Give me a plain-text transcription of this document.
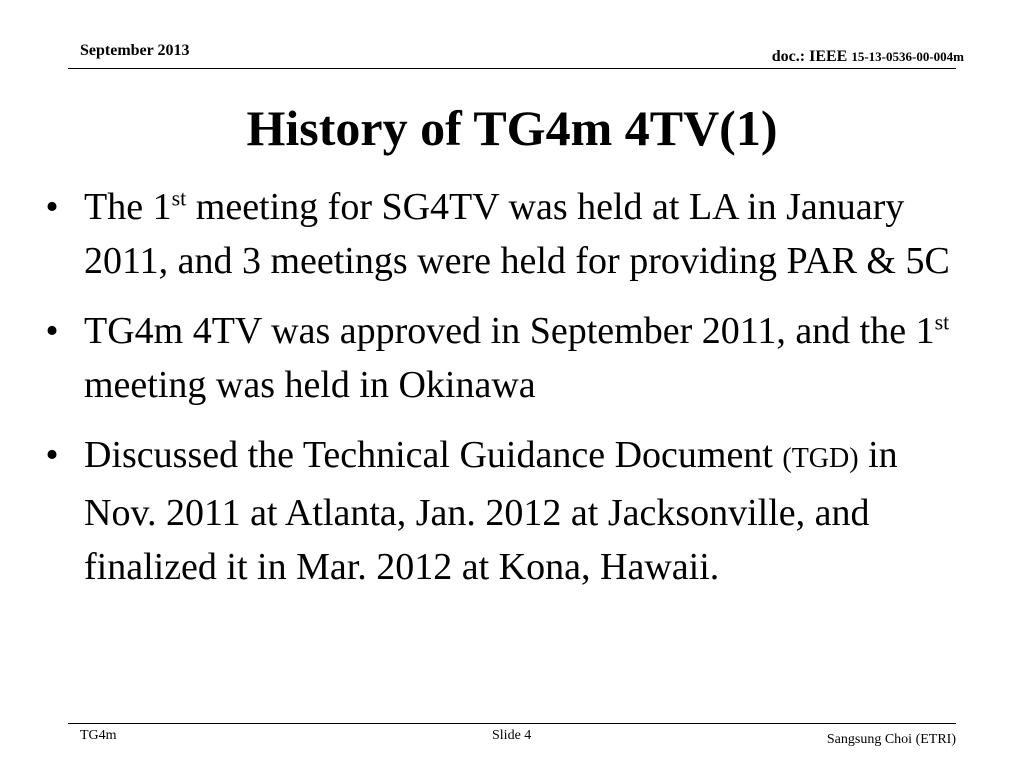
September 2013	doc.: IEEE 15-13-0536-00-004m
History of TG4m 4TV(1)
• The 1st meeting for SG4TV was held at LA in January 2011, and 3 meetings were held for providing PAR & 5C
• TG4m 4TV was approved in September 2011, and the 1st meeting was held in Okinawa
• Discussed the Technical Guidance Document (TGD) in Nov. 2011 at Atlanta, Jan. 2012 at Jacksonville, and finalized it in Mar. 2012 at Kona, Hawaii.
TG4m	Slide 4	Sangsung Choi (ETRI)
